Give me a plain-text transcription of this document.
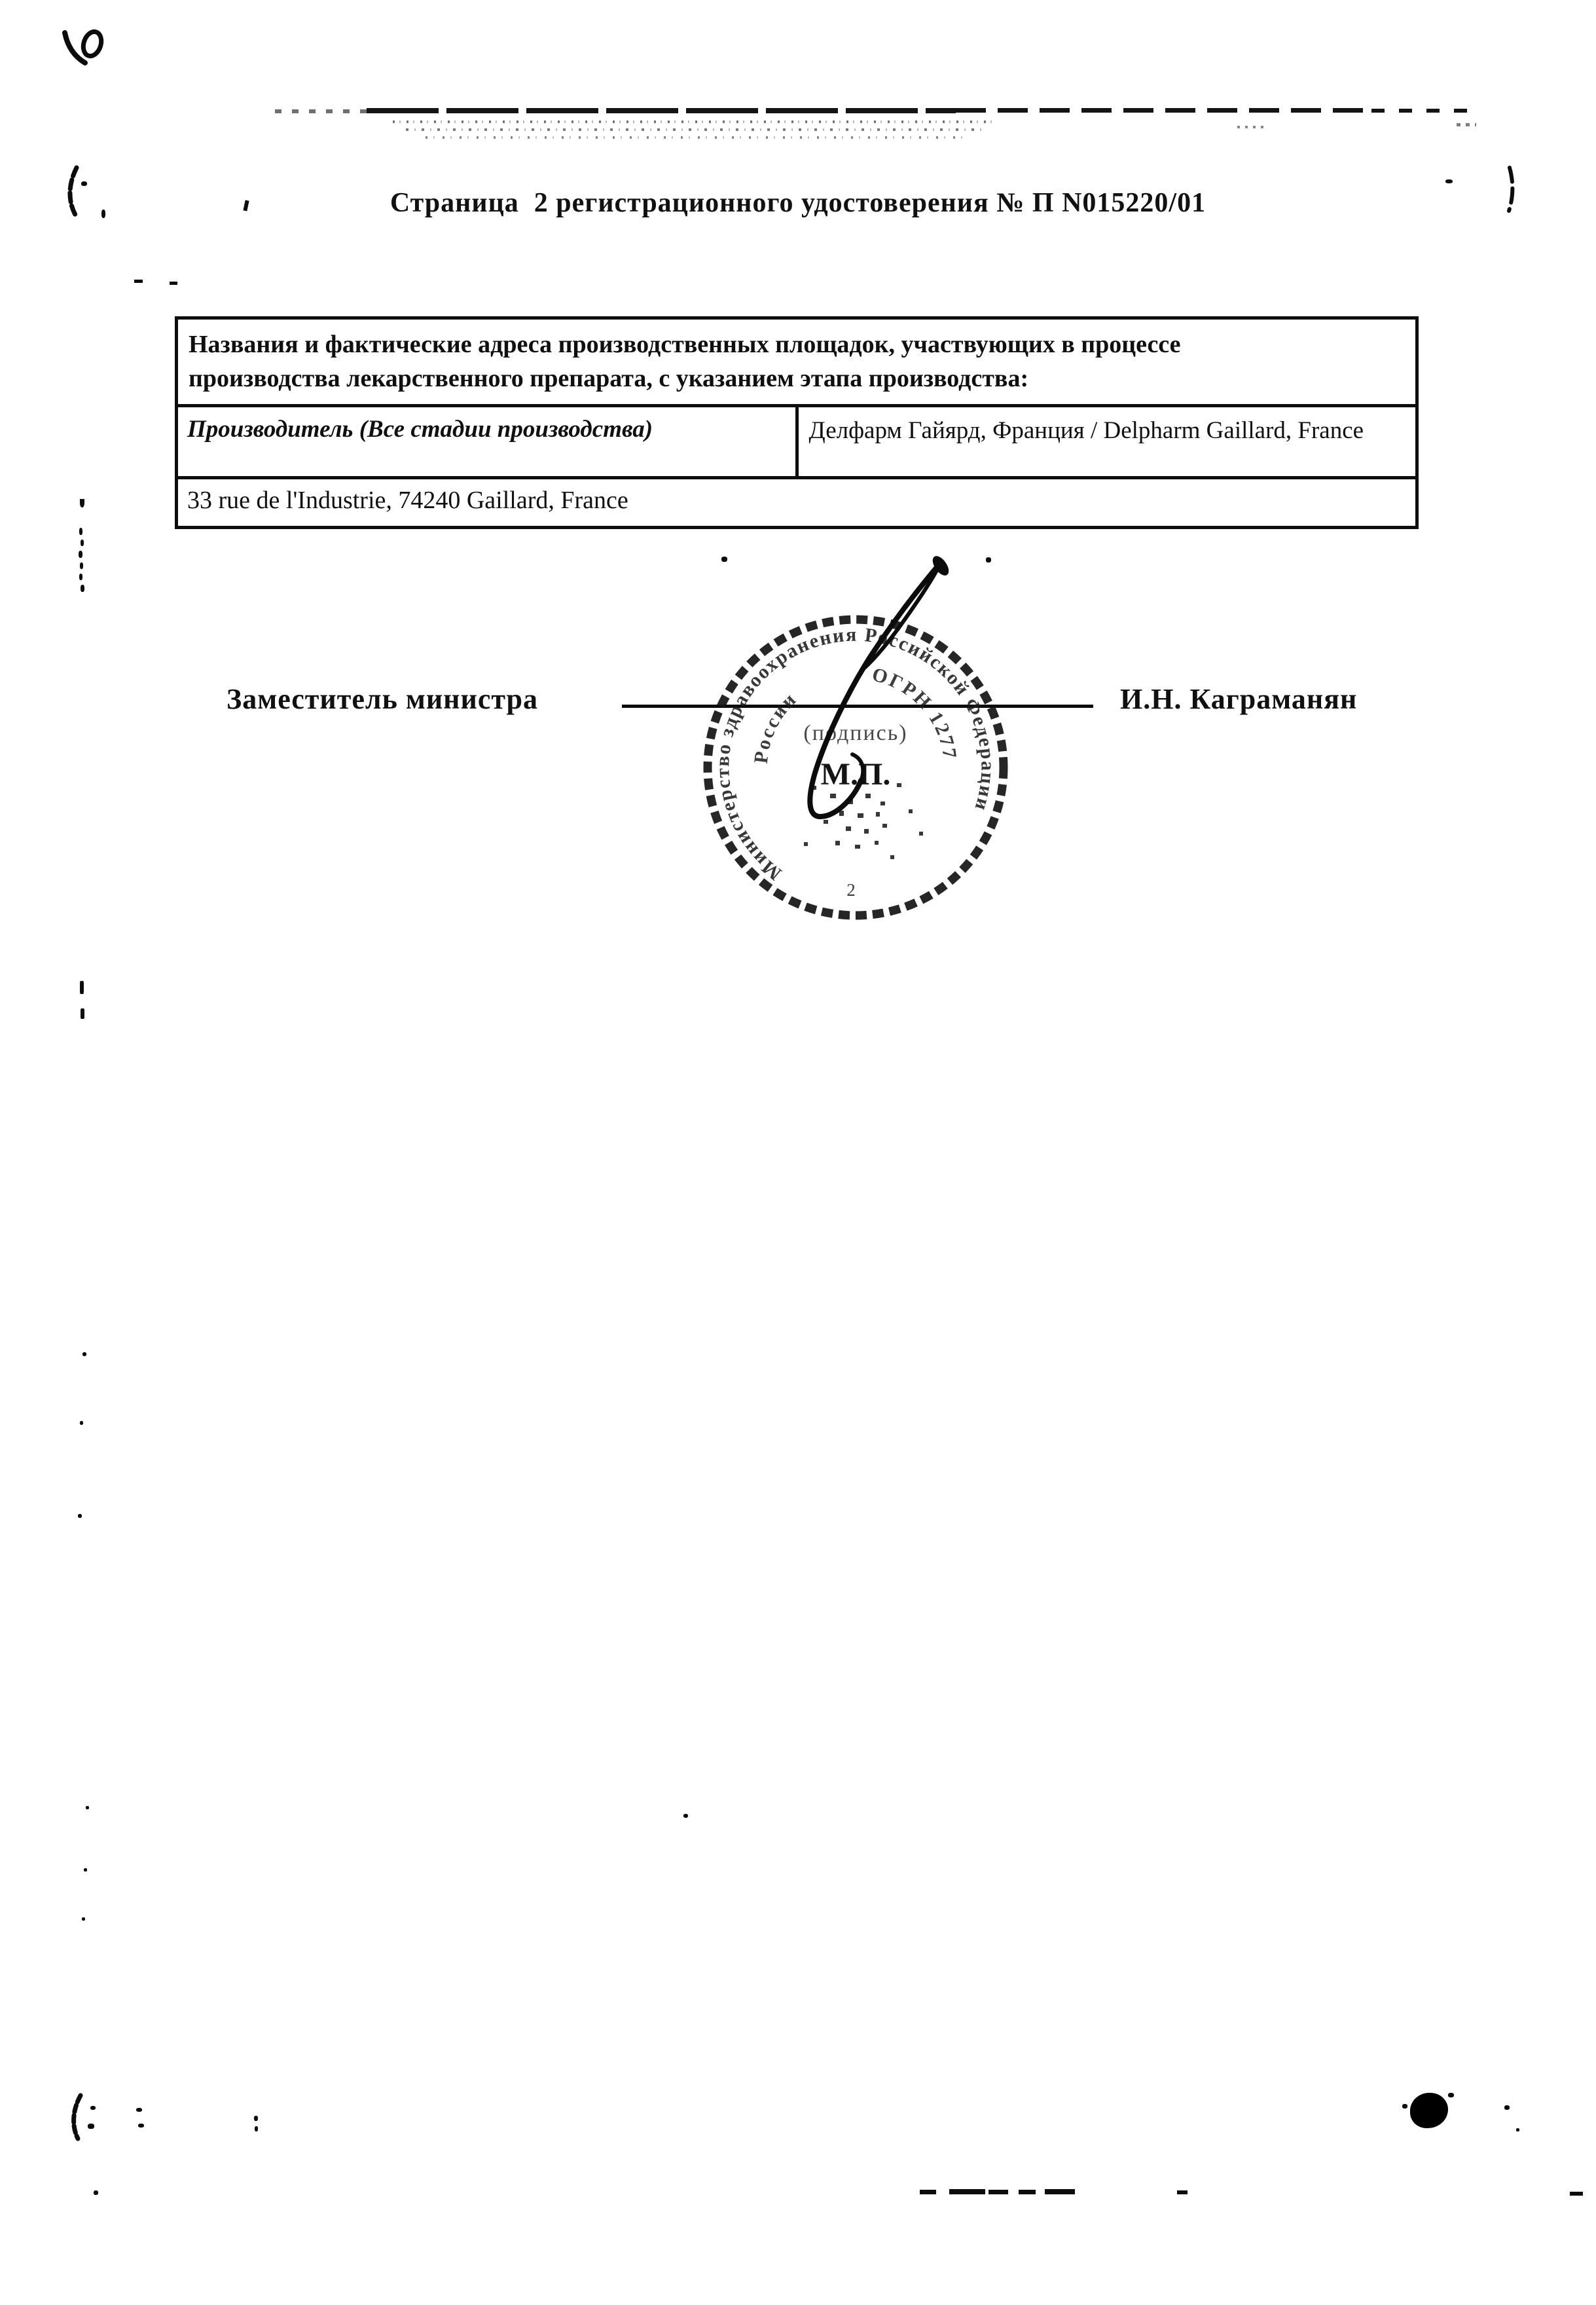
Страница  2 регистрационного удостоверения № П N015220/01
Названия и фактические адреса производственных площадок, участвующих в процессе производства лекарственного препарата, с указанием этапа производства:
Производитель (Все стадии производства)	Делфарм Гайярд, Франция / Delpharm Gaillard, France
33 rue de l'Industrie, 74240 Gaillard, France
Заместитель министра	И.Н. Каграманян
Министерство здравоохранения Российской Федерации
России
ОГРН 1277
(подпись)
М.П.
2
